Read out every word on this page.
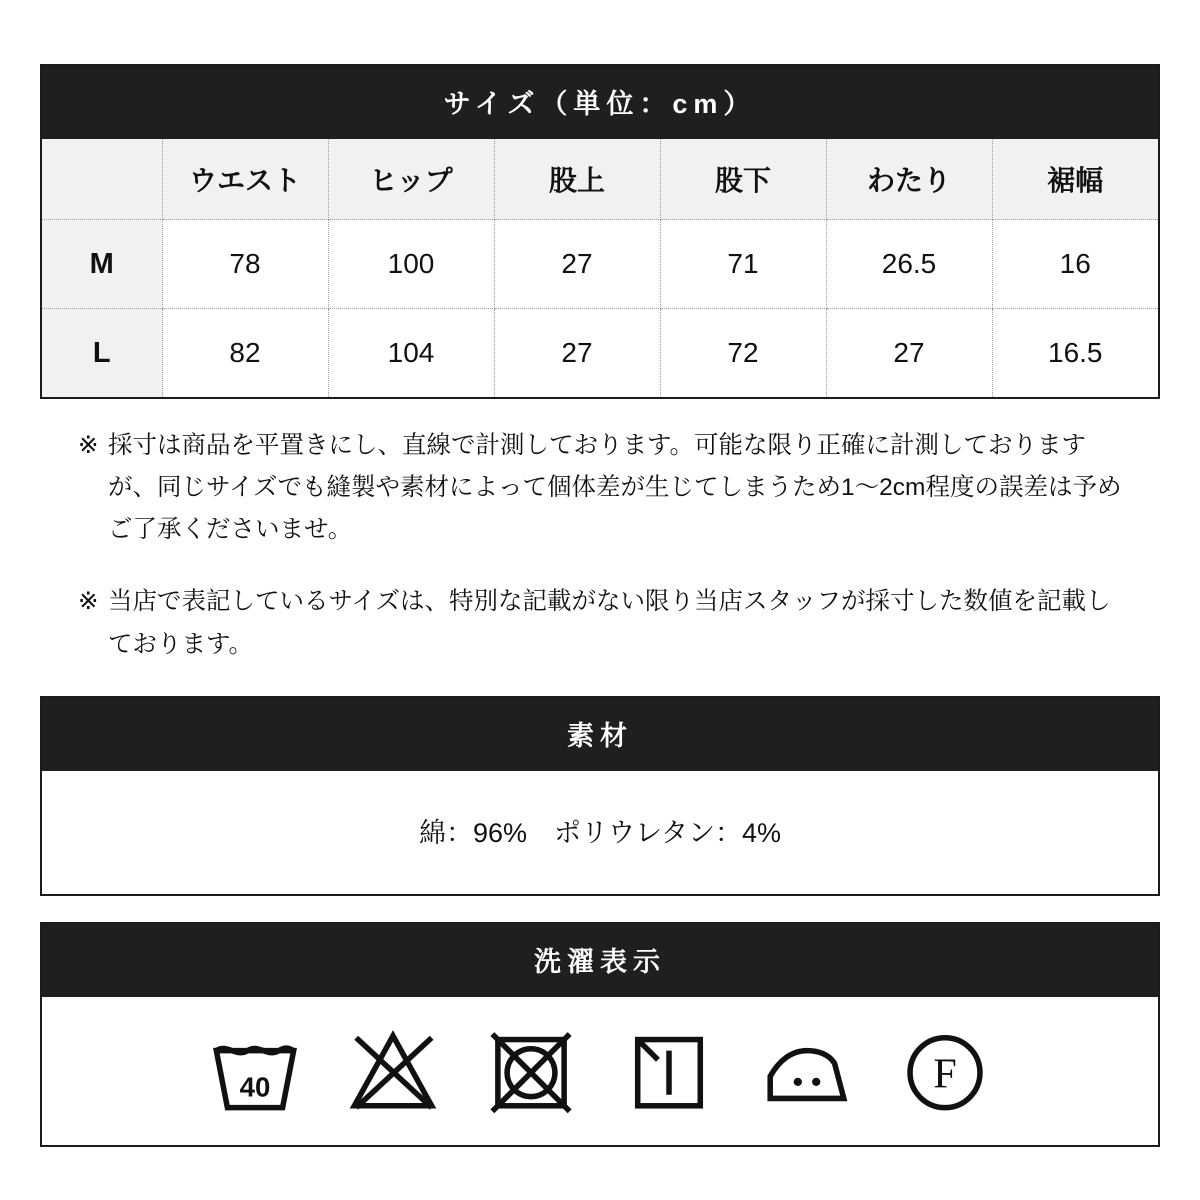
サイズ（単位：cm）
	ウエスト	ヒップ	股上	股下	わたり	裾幅
M	78	100	27	71	26.5	16
L	82	104	27	72	27	16.5

※ 採寸は商品を平置きにし、直線で計測しております。可能な限り正確に計測しておりますが、同じサイズでも縫製や素材によって個体差が生じてしまうため1〜2cm程度の誤差は予めご了承くださいませ。

※ 当店で表記しているサイズは、特別な記載がない限り当店スタッフが採寸した数値を記載しております。

素材
綿：96%　ポリウレタン：4%
洗濯表示
40	F
